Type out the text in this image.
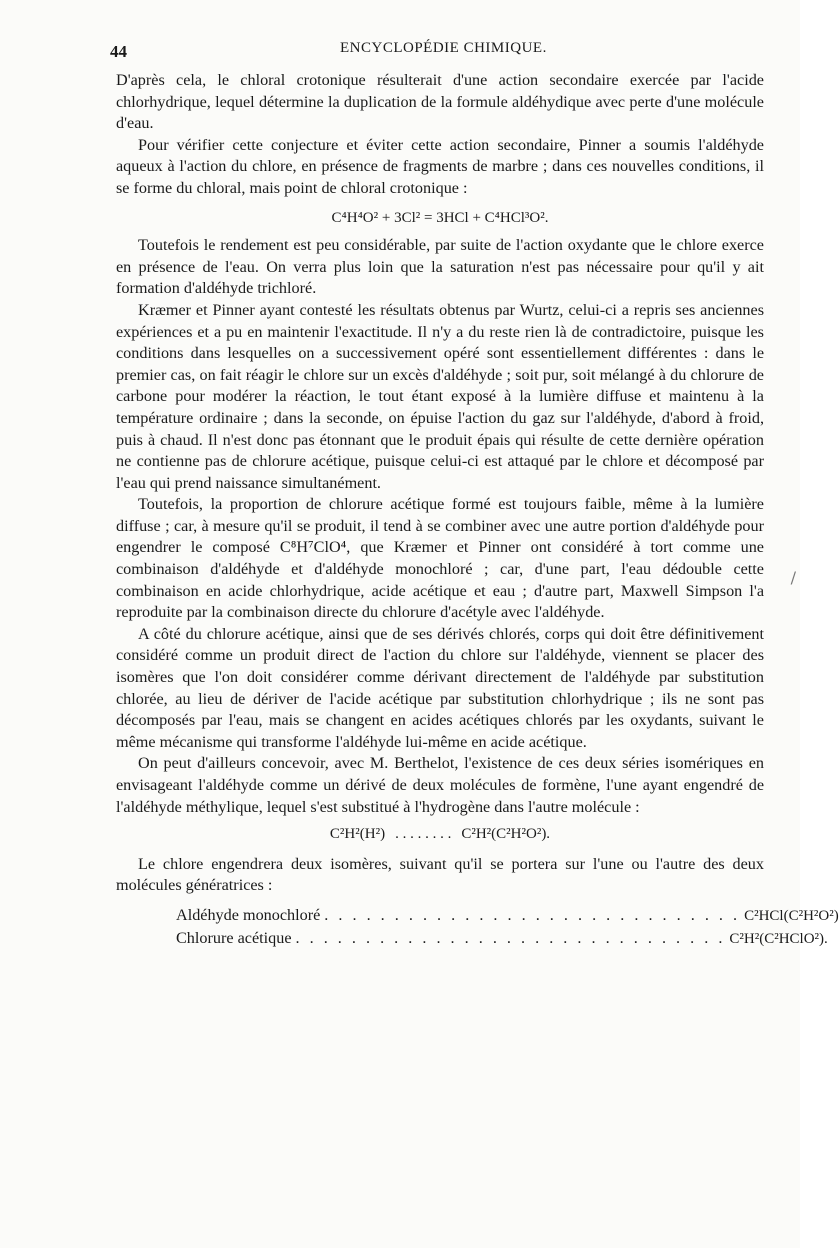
44	ENCYCLOPÉDIE CHIMIQUE.

D'après cela, le chloral crotonique résulterait d'une action secondaire exercée par l'acide chlorhydrique, lequel détermine la duplication de la formule aldéhydique avec perte d'une molécule d'eau.

Pour vérifier cette conjecture et éviter cette action secondaire, Pinner a soumis l'aldéhyde aqueux à l'action du chlore, en présence de fragments de marbre ; dans ces nouvelles conditions, il se forme du chloral, mais point de chloral crotonique :

C⁴H⁴O² + 3Cl² = 3HCl + C⁴HCl³O².

Toutefois le rendement est peu considérable, par suite de l'action oxydante que le chlore exerce en présence de l'eau. On verra plus loin que la saturation n'est pas nécessaire pour qu'il y ait formation d'aldéhyde trichloré.

Kræmer et Pinner ayant contesté les résultats obtenus par Wurtz, celui-ci a repris ses anciennes expériences et a pu en maintenir l'exactitude. Il n'y a du reste rien là de contradictoire, puisque les conditions dans lesquelles on a successivement opéré sont essentiellement différentes : dans le premier cas, on fait réagir le chlore sur un excès d'aldéhyde ; soit pur, soit mélangé à du chlorure de carbone pour modérer la réaction, le tout étant exposé à la lumière diffuse et maintenu à la température ordinaire ; dans la seconde, on épuise l'action du gaz sur l'aldéhyde, d'abord à froid, puis à chaud. Il n'est donc pas étonnant que le produit épais qui résulte de cette dernière opération ne contienne pas de chlorure acétique, puisque celui-ci est attaqué par le chlore et décomposé par l'eau qui prend naissance simultanément.

Toutefois, la proportion de chlorure acétique formé est toujours faible, même à la lumière diffuse ; car, à mesure qu'il se produit, il tend à se combiner avec une autre portion d'aldéhyde pour engendrer le composé C⁸H⁷ClO⁴, que Kræmer et Pinner ont considéré à tort comme une combinaison d'aldéhyde et d'aldéhyde monochloré ; car, d'une part, l'eau dédouble cette combinaison en acide chlorhydrique, acide acétique et eau ; d'autre part, Maxwell Simpson l'a reproduite par la combinaison directe du chlorure d'acétyle avec l'aldéhyde.

A côté du chlorure acétique, ainsi que de ses dérivés chlorés, corps qui doit être définitivement considéré comme un produit direct de l'action du chlore sur l'aldéhyde, viennent se placer des isomères que l'on doit considérer comme dérivant directement de l'aldéhyde par substitution chlorée, au lieu de dériver de l'acide acétique par substitution chlorhydrique ; ils ne sont pas décomposés par l'eau, mais se changent en acides acétiques chlorés par les oxydants, suivant le même mécanisme qui transforme l'aldéhyde lui-même en acide acétique.

On peut d'ailleurs concevoir, avec M. Berthelot, l'existence de ces deux séries isomériques en envisageant l'aldéhyde comme un dérivé de deux molécules de formène, l'une ayant engendré de l'aldéhyde méthylique, lequel s'est substitué à l'hydrogène dans l'autre molécule :

C²H²(H²) . . . . . . . . C²H²(C²H²O²).

Le chlore engendrera deux isomères, suivant qu'il se portera sur l'une ou l'autre des deux molécules génératrices :

Aldéhyde monochloré . . . . . . . . . . . . . . . . . . . . . . . . . . . . . . C²HCl(C²H²O²)
Chlorure acétique . . . . . . . . . . . . . . . . . . . . . . . . . . . . . . . C²H²(C²HClO²).
/
